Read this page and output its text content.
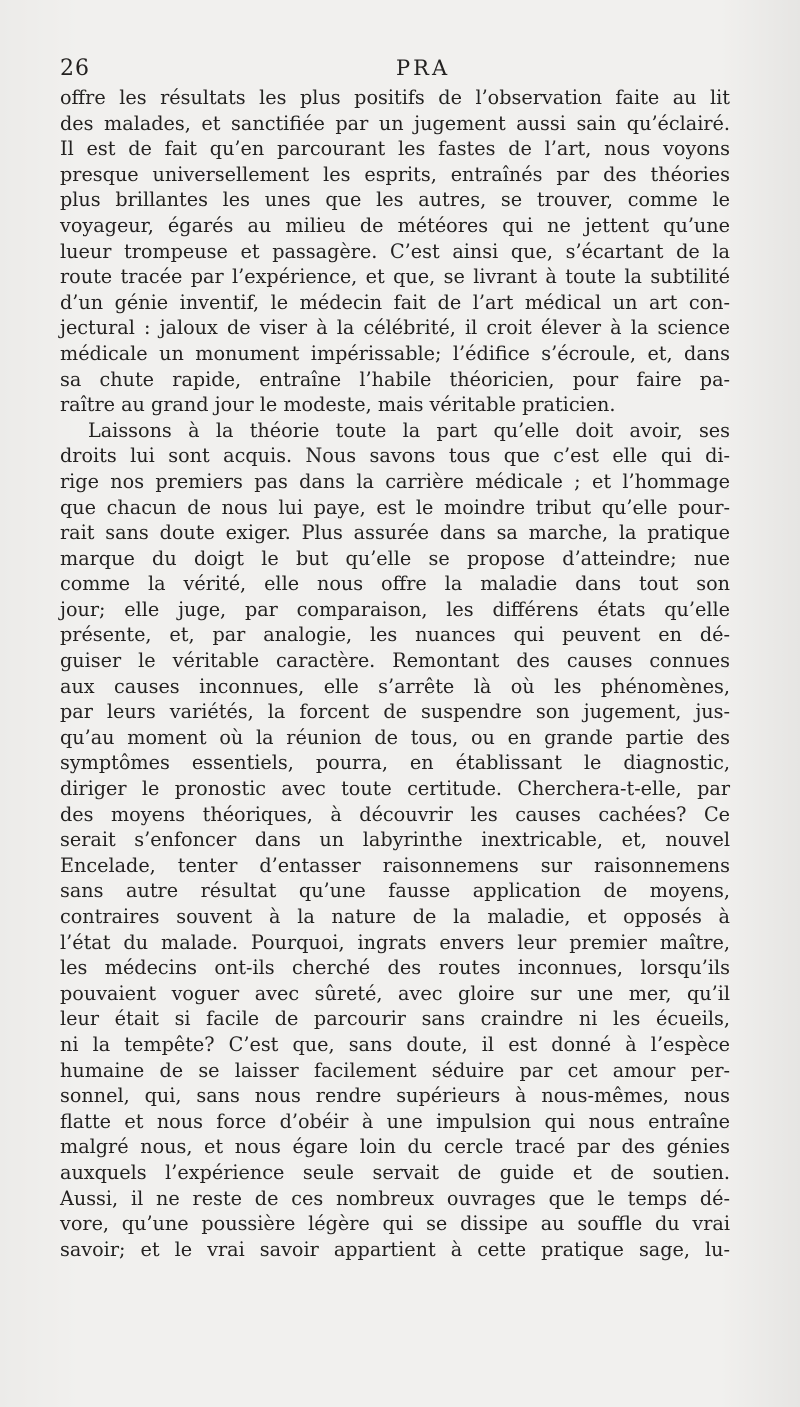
26	PRA
offre les résultats les plus positifs de l’observation faite au lit
des malades, et sanctifiée par un jugement aussi sain qu’éclairé.
Il est de fait qu’en parcourant les fastes de l’art, nous voyons
presque universellement les esprits, entraînés par des théories
plus brillantes les unes que les autres, se trouver, comme le
voyageur, égarés au milieu de météores qui ne jettent qu’une
lueur trompeuse et passagère. C’est ainsi que, s’écartant de la
route tracée par l’expérience, et que, se livrant à toute la subtilité
d’un génie inventif, le médecin fait de l’art médical un art con-
jectural : jaloux de viser à la célébrité, il croit élever à la science
médicale un monument impérissable; l’édifice s’écroule, et, dans
sa chute rapide, entraîne l’habile théoricien, pour faire pa-
raître au grand jour le modeste, mais véritable praticien.
Laissons à la théorie toute la part qu’elle doit avoir, ses
droits lui sont acquis. Nous savons tous que c’est elle qui di-
rige nos premiers pas dans la carrière médicale ; et l’hommage
que chacun de nous lui paye, est le moindre tribut qu’elle pour-
rait sans doute exiger. Plus assurée dans sa marche, la pratique
marque du doigt le but qu’elle se propose d’atteindre; nue
comme la vérité, elle nous offre la maladie dans tout son
jour; elle juge, par comparaison, les différens états qu’elle
présente, et, par analogie, les nuances qui peuvent en dé-
guiser le véritable caractère. Remontant des causes connues
aux causes inconnues, elle s’arrête là où les phénomènes,
par leurs variétés, la forcent de suspendre son jugement, jus-
qu’au moment où la réunion de tous, ou en grande partie des
symptômes essentiels, pourra, en établissant le diagnostic,
diriger le pronostic avec toute certitude. Cherchera-t-elle, par
des moyens théoriques, à découvrir les causes cachées? Ce
serait s’enfoncer dans un labyrinthe inextricable, et, nouvel
Encelade, tenter d’entasser raisonnemens sur raisonnemens
sans autre résultat qu’une fausse application de moyens,
contraires souvent à la nature de la maladie, et opposés à
l’état du malade. Pourquoi, ingrats envers leur premier maître,
les médecins ont-ils cherché des routes inconnues, lorsqu’ils
pouvaient voguer avec sûreté, avec gloire sur une mer, qu’il
leur était si facile de parcourir sans craindre ni les écueils,
ni la tempête? C’est que, sans doute, il est donné à l’espèce
humaine de se laisser facilement séduire par cet amour per-
sonnel, qui, sans nous rendre supérieurs à nous-mêmes, nous
flatte et nous force d’obéir à une impulsion qui nous entraîne
malgré nous, et nous égare loin du cercle tracé par des génies
auxquels l’expérience seule servait de guide et de soutien.
Aussi, il ne reste de ces nombreux ouvrages que le temps dé-
vore, qu’une poussière légère qui se dissipe au souffle du vrai
savoir; et le vrai savoir appartient à cette pratique sage, lu-
